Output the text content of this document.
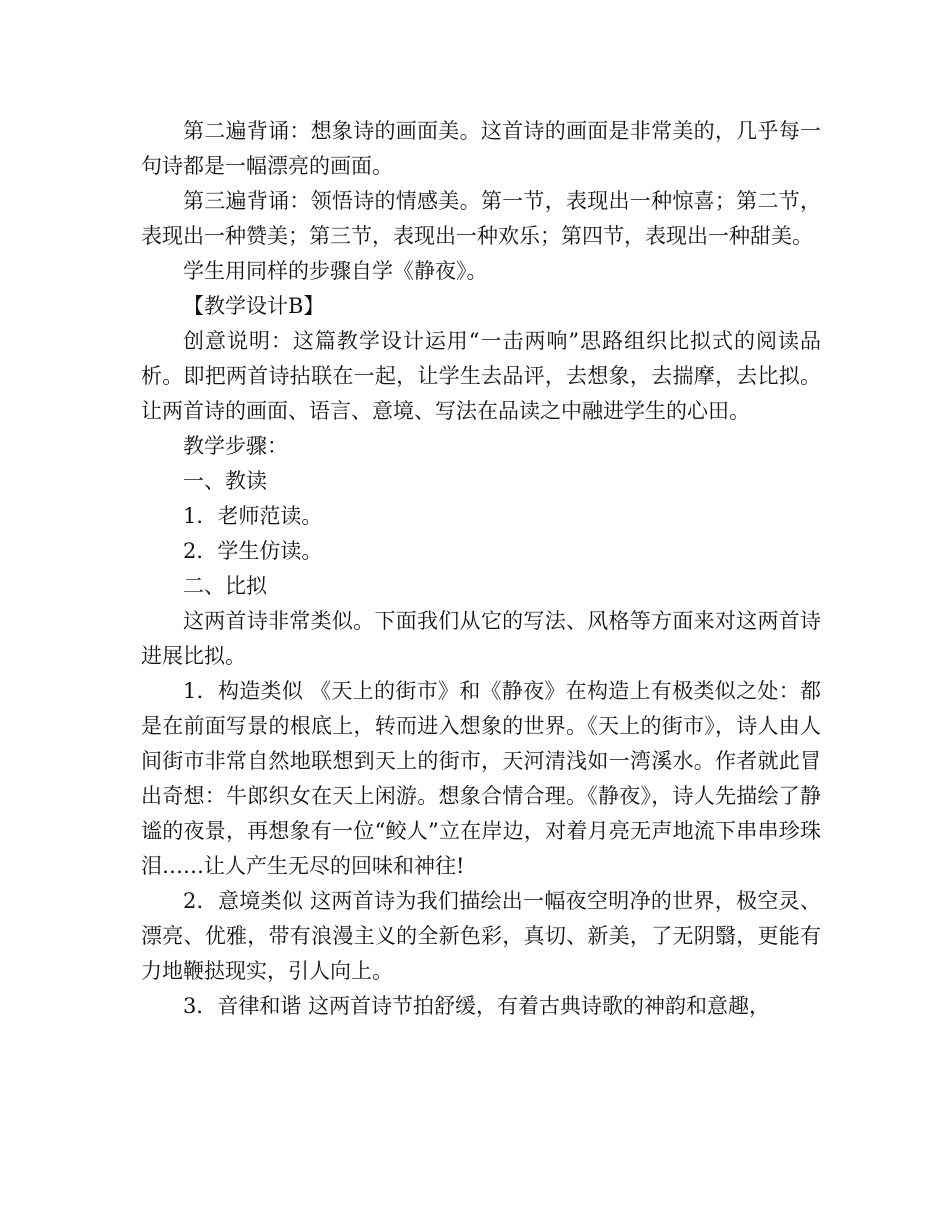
第二遍背诵：想象诗的画面美。这首诗的画面是非常美的，几乎每一句诗都是一幅漂亮的画面。

第三遍背诵：领悟诗的情感美。第一节，表现出一种惊喜；第二节，表现出一种赞美；第三节，表现出一种欢乐；第四节，表现出一种甜美。

学生用同样的步骤自学《静夜》。

【教学设计B】

创意说明：这篇教学设计运用“一击两响”思路组织比拟式的阅读品析。即把两首诗拈联在一起，让学生去品评，去想象，去揣摩，去比拟。让两首诗的画面、语言、意境、写法在品读之中融进学生的心田。

教学步骤：

一、教读

1．老师范读。

2．学生仿读。

二、比拟

这两首诗非常类似。下面我们从它的写法、风格等方面来对这两首诗进展比拟。

1．构造类似 《天上的街市》和《静夜》在构造上有极类似之处：都是在前面写景的根底上，转而进入想象的世界。《天上的街市》，诗人由人间街市非常自然地联想到天上的街市，天河清浅如一湾溪水。作者就此冒出奇想：牛郎织女在天上闲游。想象合情合理。《静夜》，诗人先描绘了静谧的夜景，再想象有一位“鲛人”立在岸边，对着月亮无声地流下串串珍珠泪……让人产生无尽的回味和神往!

2．意境类似 这两首诗为我们描绘出一幅夜空明净的世界，极空灵、漂亮、优雅，带有浪漫主义的全新色彩，真切、新美，了无阴翳，更能有力地鞭挞现实，引人向上。

3．音律和谐 这两首诗节拍舒缓，有着古典诗歌的神韵和意趣，
